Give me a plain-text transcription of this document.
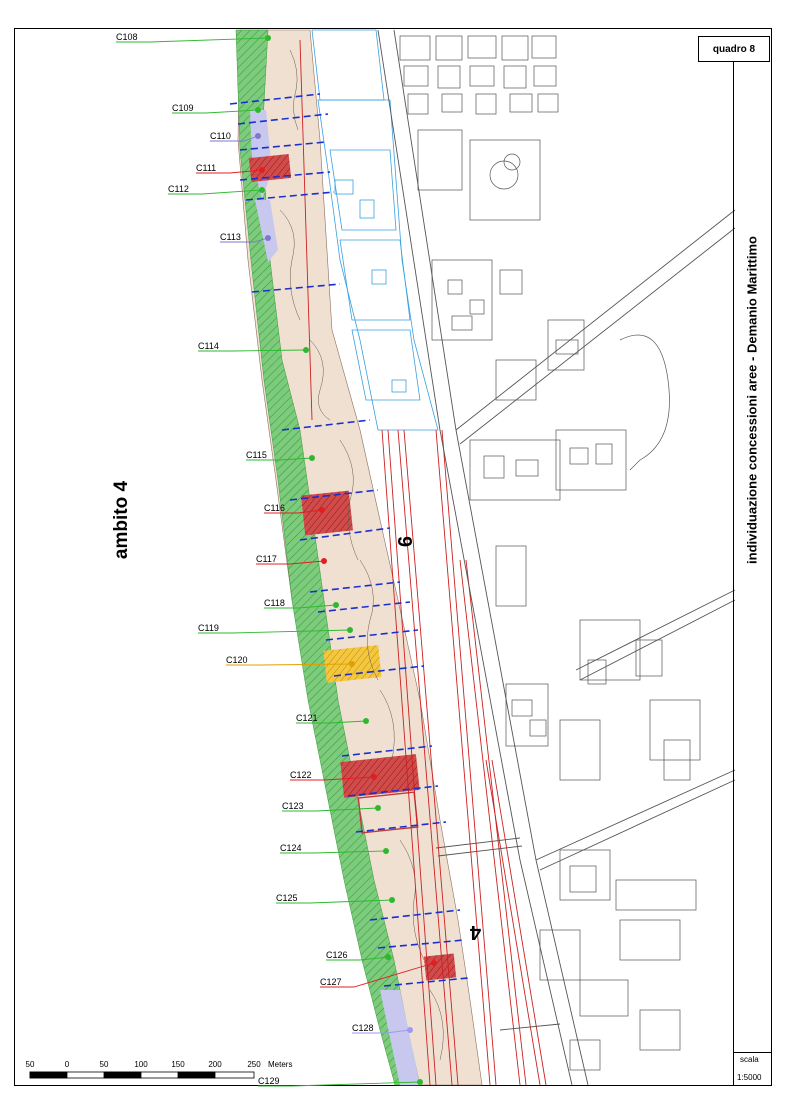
C108
C109
C110
C111
C112
C113
C114
C115
C116
C117
C118
C119
C120
C121
C122
C123
C124
C125
C126
C127
C128
C129
quadro 8
individuazione concessioni aree - Demanio Marittimo
ambito 4	9
4
scala
1:5000
50	0	50	100	150	200	250 Meters
